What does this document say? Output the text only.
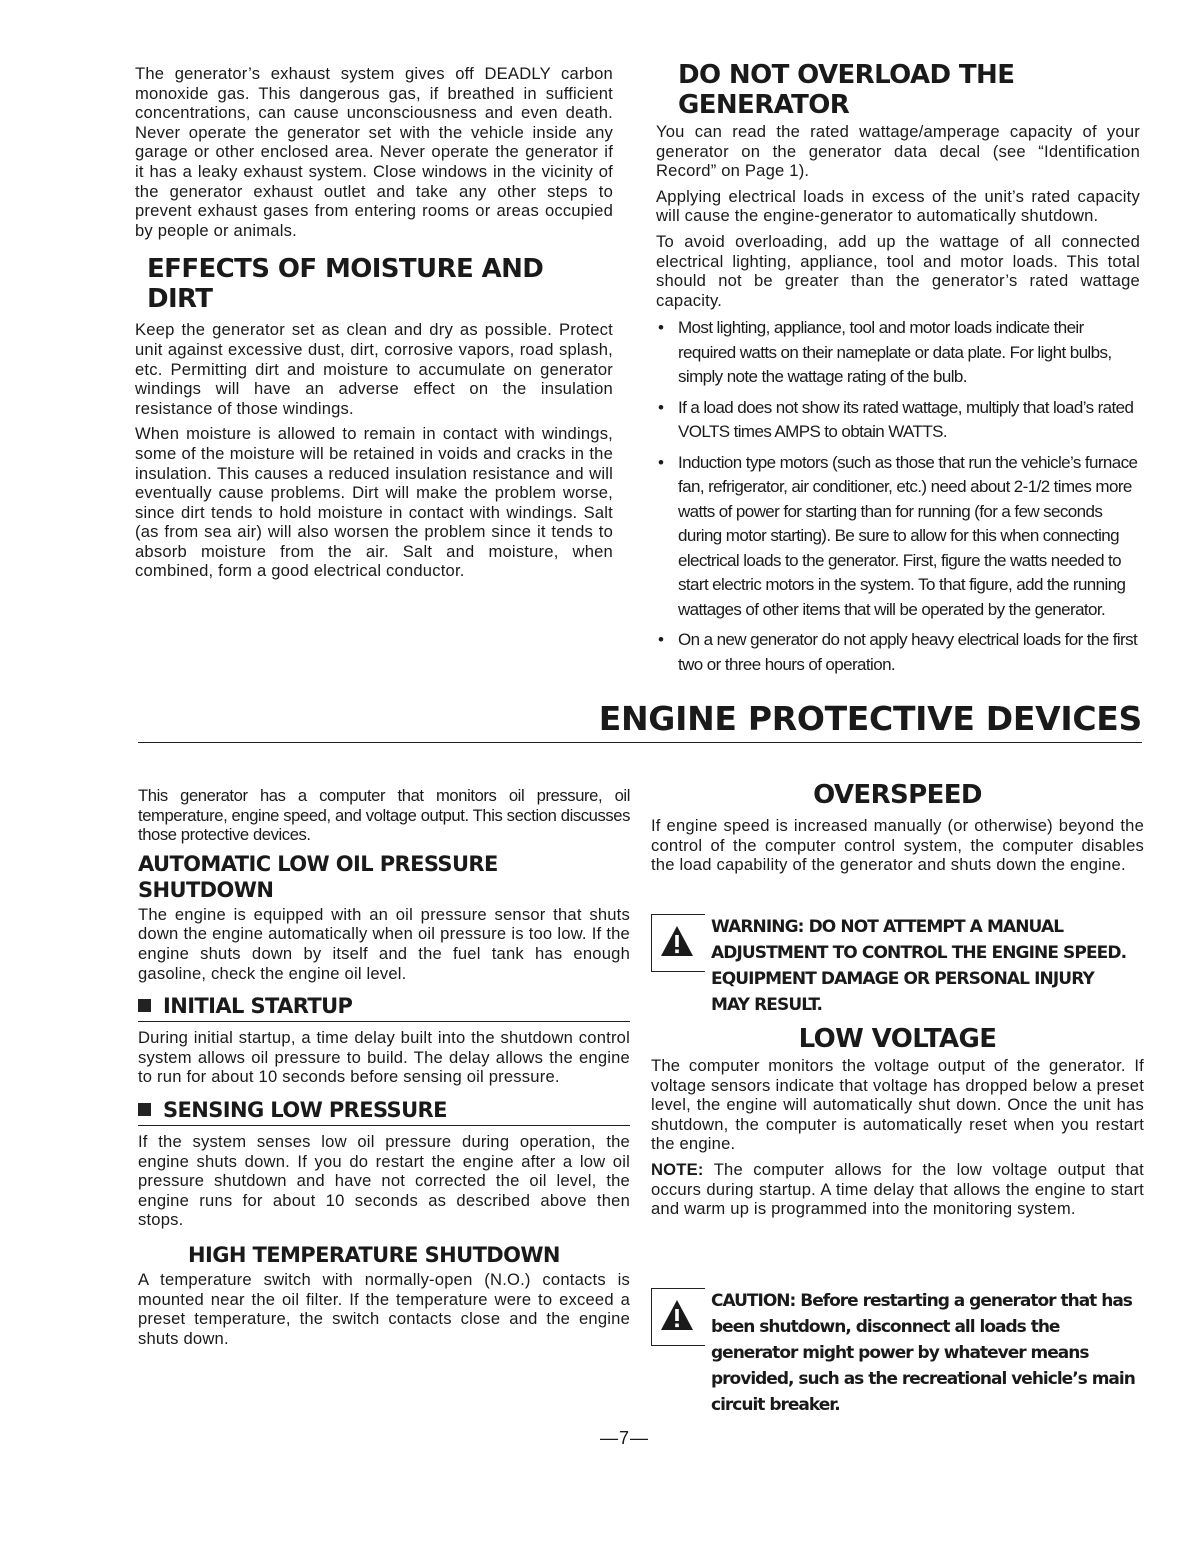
The generator’s exhaust system gives off DEADLY carbon monoxide gas. This dangerous gas, if breathed in sufficient concentrations, can cause unconsciousness and even death. Never operate the generator set with the vehicle inside any garage or other enclosed area. Never operate the generator if it has a leaky exhaust system. Close windows in the vicinity of the generator exhaust outlet and take any other steps to prevent exhaust gases from entering rooms or areas occupied by people or animals.

EFFECTS OF MOISTURE AND DIRT

Keep the generator set as clean and dry as possible. Protect unit against excessive dust, dirt, corrosive vapors, road splash, etc. Permitting dirt and moisture to accumulate on generator windings will have an adverse effect on the insulation resistance of those windings.

When moisture is allowed to remain in contact with windings, some of the moisture will be retained in voids and cracks in the insulation. This causes a reduced insulation resistance and will eventually cause problems. Dirt will make the problem worse, since dirt tends to hold moisture in contact with windings. Salt (as from sea air) will also worsen the problem since it tends to absorb moisture from the air. Salt and moisture, when combined, form a good electrical conductor.

DO NOT OVERLOAD THE GENERATOR

You can read the rated wattage/amperage capacity of your generator on the generator data decal (see “Identification Record” on Page 1).

Applying electrical loads in excess of the unit’s rated capacity will cause the engine-generator to automatically shutdown.

To avoid overloading, add up the wattage of all connected electrical lighting, appliance, tool and motor loads. This total should not be greater than the generator’s rated wattage capacity.

• Most lighting, appliance, tool and motor loads indicate their required watts on their nameplate or data plate. For light bulbs, simply note the wattage rating of the bulb.
• If a load does not show its rated wattage, multiply that load’s rated VOLTS times AMPS to obtain WATTS.
• Induction type motors (such as those that run the vehicle’s furnace fan, refrigerator, air conditioner, etc.) need about 2-1/2 times more watts of power for starting than for running (for a few seconds during motor starting). Be sure to allow for this when connecting electrical loads to the generator. First, figure the watts needed to start electric motors in the system. To that figure, add the running wattages of other items that will be operated by the generator.
• On a new generator do not apply heavy electrical loads for the first two or three hours of operation.
ENGINE PROTECTIVE DEVICES

This generator has a computer that monitors oil pressure, oil temperature, engine speed, and voltage output. This section discusses those protective devices.

AUTOMATIC LOW OIL PRESSURE SHUTDOWN

The engine is equipped with an oil pressure sensor that shuts down the engine automatically when oil pressure is too low. If the engine shuts down by itself and the fuel tank has enough gasoline, check the engine oil level.

INITIAL STARTUP

During initial startup, a time delay built into the shutdown control system allows oil pressure to build. The delay allows the engine to run for about 10 seconds before sensing oil pressure.

SENSING LOW PRESSURE

If the system senses low oil pressure during operation, the engine shuts down. If you do restart the engine after a low oil pressure shutdown and have not corrected the oil level, the engine runs for about 10 seconds as described above then stops.

HIGH TEMPERATURE SHUTDOWN

A temperature switch with normally-open (N.O.) contacts is mounted near the oil filter. If the temperature were to exceed a preset temperature, the switch contacts close and the engine shuts down.

OVERSPEED

If engine speed is increased manually (or otherwise) beyond the control of the computer control system, the computer disables the load capability of the generator and shuts down the engine.

WARNING: DO NOT ATTEMPT A MANUAL ADJUSTMENT TO CONTROL THE ENGINE SPEED. EQUIPMENT DAMAGE OR PERSONAL INJURY MAY RESULT.
LOW VOLTAGE

The computer monitors the voltage output of the generator. If voltage sensors indicate that voltage has dropped below a preset level, the engine will automatically shut down. Once the unit has shutdown, the computer is automatically reset when you restart the engine.

NOTE: The computer allows for the low voltage output that occurs during startup. A time delay that allows the engine to start and warm up is programmed into the monitoring system.

CAUTION: Before restarting a generator that has been shutdown, disconnect all loads the generator might power by whatever means provided, such as the recreational vehicle’s main circuit breaker.
—7—
